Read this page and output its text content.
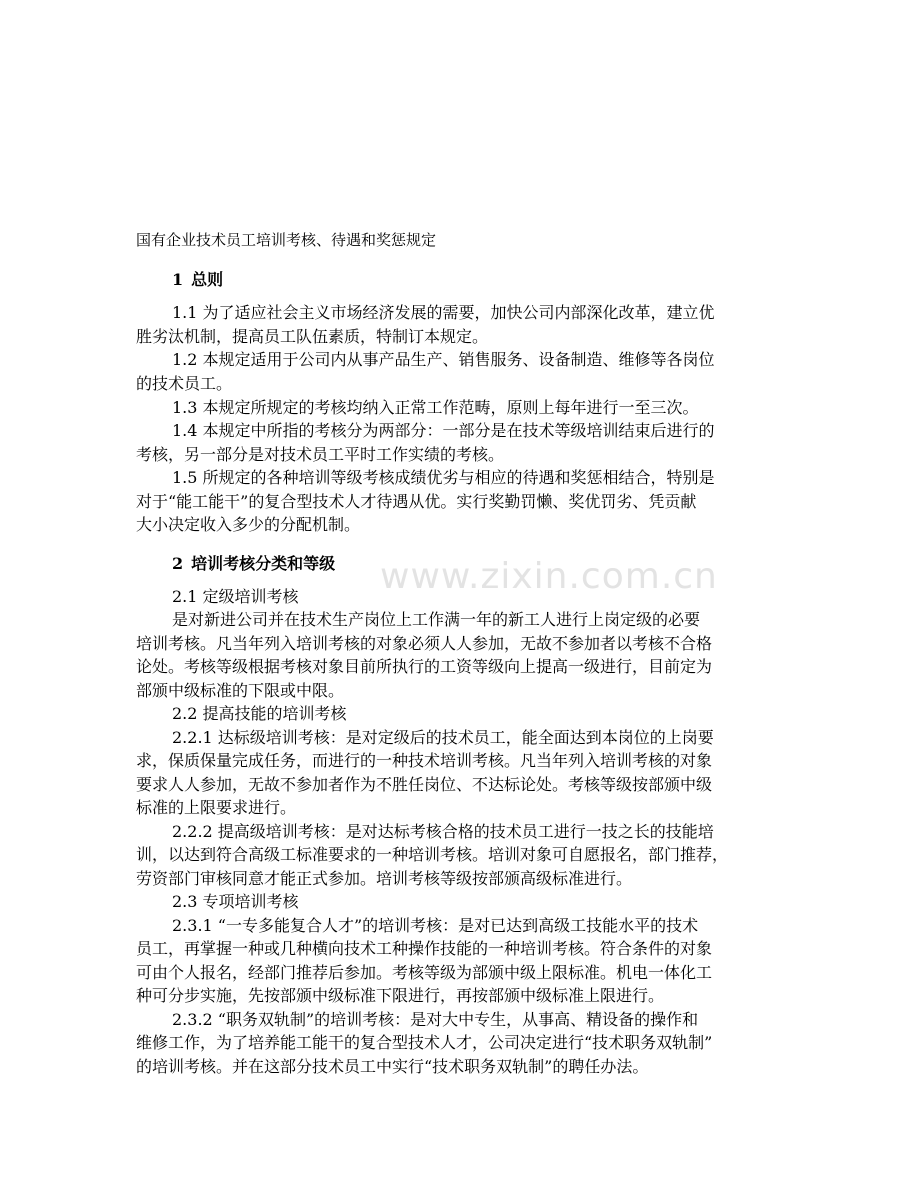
www.zixin.com.cn
国有企业技术员工培训考核、待遇和奖惩规定
1 总则
1.1 为了适应社会主义市场经济发展的需要，加快公司内部深化改革，建立优
胜劣汰机制，提高员工队伍素质，特制订本规定。
1.2 本规定适用于公司内从事产品生产、销售服务、设备制造、维修等各岗位
的技术员工。
1.3 本规定所规定的考核均纳入正常工作范畴，原则上每年进行一至三次。
1.4 本规定中所指的考核分为两部分：一部分是在技术等级培训结束后进行的
考核，另一部分是对技术员工平时工作实绩的考核。
1.5 所规定的各种培训等级考核成绩优劣与相应的待遇和奖惩相结合，特别是
对于“能工能干”的复合型技术人才待遇从优。实行奖勤罚懒、奖优罚劣、凭贡献
大小决定收入多少的分配机制。
2 培训考核分类和等级
2.1 定级培训考核
是对新进公司并在技术生产岗位上工作满一年的新工人进行上岗定级的必要
培训考核。凡当年列入培训考核的对象必须人人参加，无故不参加者以考核不合格
论处。考核等级根据考核对象目前所执行的工资等级向上提高一级进行，目前定为
部颁中级标准的下限或中限。
2.2 提高技能的培训考核
2.2.1 达标级培训考核：是对定级后的技术员工，能全面达到本岗位的上岗要
求，保质保量完成任务，而进行的一种技术培训考核。凡当年列入培训考核的对象
要求人人参加，无故不参加者作为不胜任岗位、不达标论处。考核等级按部颁中级
标准的上限要求进行。
2.2.2 提高级培训考核：是对达标考核合格的技术员工进行一技之长的技能培
训，以达到符合高级工标准要求的一种培训考核。培训对象可自愿报名，部门推荐，
劳资部门审核同意才能正式参加。培训考核等级按部颁高级标准进行。
2.3 专项培训考核
2.3.1 “一专多能复合人才”的培训考核：是对已达到高级工技能水平的技术
员工，再掌握一种或几种横向技术工种操作技能的一种培训考核。符合条件的对象
可由个人报名，经部门推荐后参加。考核等级为部颁中级上限标准。机电一体化工
种可分步实施，先按部颁中级标准下限进行，再按部颁中级标准上限进行。
2.3.2 “职务双轨制”的培训考核：是对大中专生，从事高、精设备的操作和
维修工作，为了培养能工能干的复合型技术人才，公司决定进行“技术职务双轨制”
的培训考核。并在这部分技术员工中实行“技术职务双轨制”的聘任办法。
